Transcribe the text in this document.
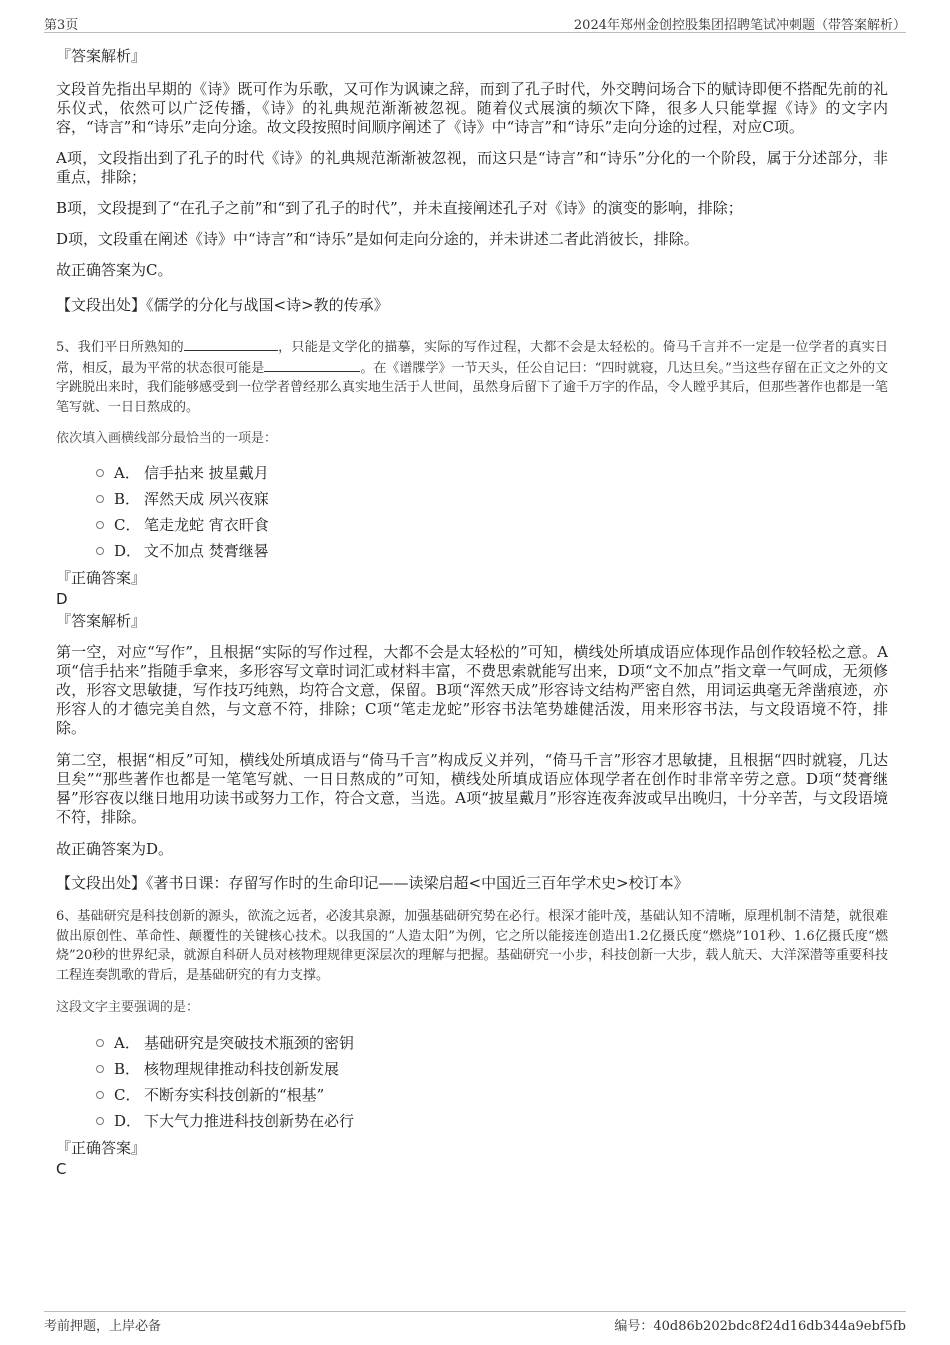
第3页	2024年郑州金创控股集团招聘笔试冲刺题（带答案解析）
『答案解析』

文段首先指出早期的《诗》既可作为乐歌，又可作为讽谏之辞，而到了孔子时代，外交聘问场合下的赋诗即便不搭配先前的礼乐仪式，依然可以广泛传播，《诗》的礼典规范渐渐被忽视。随着仪式展演的频次下降，很多人只能掌握《诗》的文字内容，“诗言”和“诗乐”走向分途。故文段按照时间顺序阐述了《诗》中“诗言”和“诗乐”走向分途的过程，对应C项。

A项，文段指出到了孔子的时代《诗》的礼典规范渐渐被忽视，而这只是“诗言”和“诗乐”分化的一个阶段，属于分述部分，非重点，排除；

B项，文段提到了“在孔子之前”和“到了孔子的时代”，并未直接阐述孔子对《诗》的演变的影响，排除；

D项，文段重在阐述《诗》中“诗言”和“诗乐”是如何走向分途的，并未讲述二者此消彼长，排除。

故正确答案为C。

【文段出处】《儒学的分化与战国<诗>教的传承》

5、我们平日所熟知的	，只能是文学化的描摹，实际的写作过程，大都不会是太轻松的。倚马千言并不一定是一位学者的真实日常，相反，最为平常的状态很可能是	。在《谱牒学》一节天头，任公自记曰：“四时就寝，几达旦矣。”当这些存留在正文之外的文字跳脱出来时，我们能够感受到一位学者曾经那么真实地生活于人世间，虽然身后留下了逾千万字的作品，令人瞠乎其后，但那些著作也都是一笔笔写就、一日日熬成的。

依次填入画横线部分最恰当的一项是：
A． 信手拈来 披星戴月
B． 浑然天成 夙兴夜寐
C． 笔走龙蛇 宵衣旰食
D． 文不加点 焚膏继晷
『正确答案』
D
『答案解析』

第一空，对应“写作”，且根据“实际的写作过程，大都不会是太轻松的”可知，横线处所填成语应体现作品创作较轻松之意。A项“信手拈来”指随手拿来，多形容写文章时词汇或材料丰富，不费思索就能写出来，D项“文不加点”指文章一气呵成，无须修改，形容文思敏捷，写作技巧纯熟，均符合文意，保留。B项“浑然天成”形容诗文结构严密自然，用词运典毫无斧凿痕迹，亦形容人的才德完美自然，与文意不符，排除；C项“笔走龙蛇”形容书法笔势雄健活泼，用来形容书法，与文段语境不符，排除。

第二空，根据“相反”可知，横线处所填成语与“倚马千言”构成反义并列，“倚马千言”形容才思敏捷，且根据“四时就寝，几达旦矣”“那些著作也都是一笔笔写就、一日日熬成的”可知，横线处所填成语应体现学者在创作时非常辛劳之意。D项“焚膏继晷”形容夜以继日地用功读书或努力工作，符合文意，当选。A项“披星戴月”形容连夜奔波或早出晚归，十分辛苦，与文段语境不符，排除。

故正确答案为D。

【文段出处】《著书日课：存留写作时的生命印记——读梁启超<中国近三百年学术史>校订本》

6、基础研究是科技创新的源头，欲流之远者，必浚其泉源，加强基础研究势在必行。根深才能叶茂，基础认知不清晰，原理机制不清楚，就很难做出原创性、革命性、颠覆性的关键核心技术。以我国的“人造太阳”为例，它之所以能接连创造出1.2亿摄氏度“燃烧”101秒、1.6亿摄氏度“燃烧”20秒的世界纪录，就源自科研人员对核物理规律更深层次的理解与把握。基础研究一小步，科技创新一大步，载人航天、大洋深潜等重要科技工程连奏凯歌的背后，是基础研究的有力支撑。

这段文字主要强调的是：
A． 基础研究是突破技术瓶颈的密钥
B． 核物理规律推动科技创新发展
C． 不断夯实科技创新的“根基”
D． 下大气力推进科技创新势在必行
『正确答案』
C
考前押题，上岸必备	编号：40d86b202bdc8f24d16db344a9ebf5fb
